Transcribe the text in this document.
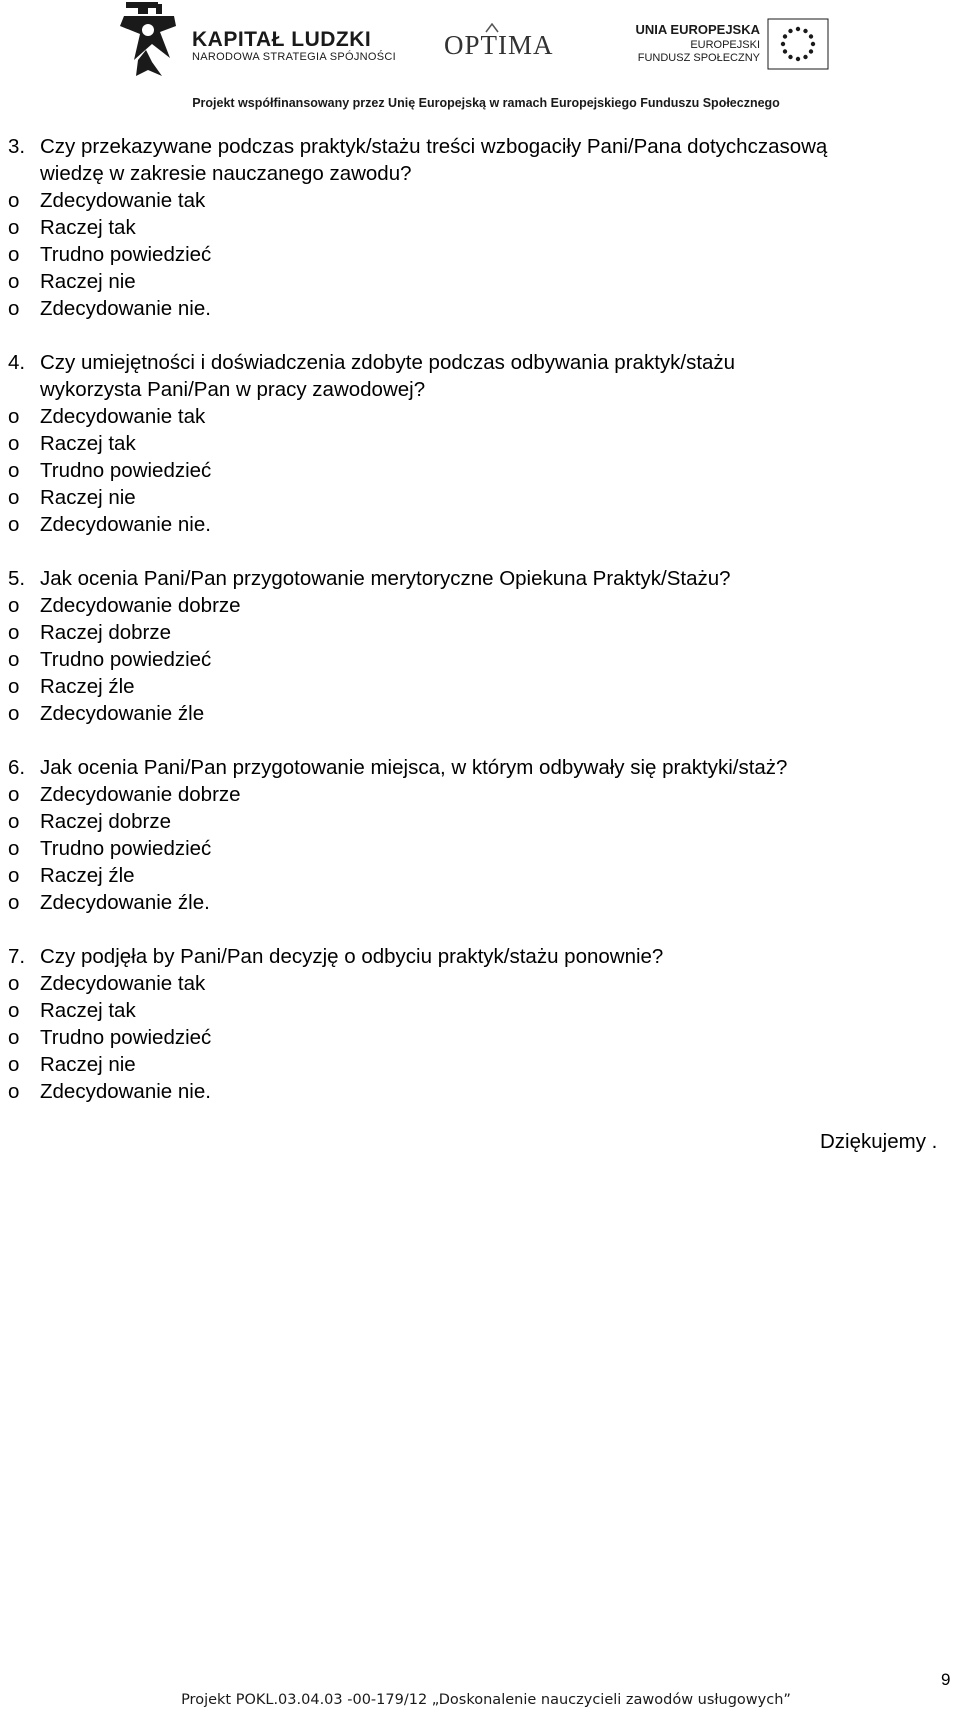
KAPITAŁ LUDZKI
NARODOWA STRATEGIA SPÓJNOŚCI OPTIMA
UNIA EUROPEJSKA
EUROPEJSKI
FUNDUSZ SPOŁECZNY
Projekt współfinansowany przez Unię Europejską w ramach Europejskiego Funduszu Społecznego
3. Czy przekazywane podczas praktyk/stażu treści wzbogaciły Pani/Pana dotychczasową
wiedzę w zakresie nauczanego zawodu?
o Zdecydowanie tak
o Raczej tak
o Trudno powiedzieć
o Raczej nie
o Zdecydowanie nie.
4. Czy umiejętności i doświadczenia zdobyte podczas odbywania praktyk/stażu
wykorzysta Pani/Pan w pracy zawodowej?
o Zdecydowanie tak
o Raczej tak
o Trudno powiedzieć
o Raczej nie
o Zdecydowanie nie.
5. Jak ocenia Pani/Pan przygotowanie merytoryczne Opiekuna Praktyk/Stażu?
o Zdecydowanie dobrze
o Raczej dobrze
o Trudno powiedzieć
o Raczej źle
o Zdecydowanie źle
6. Jak ocenia Pani/Pan przygotowanie miejsca, w którym odbywały się praktyki/staż?
o Zdecydowanie dobrze
o Raczej dobrze
o Trudno powiedzieć
o Raczej źle
o Zdecydowanie źle.
7. Czy podjęła by Pani/Pan decyzję o odbyciu praktyk/stażu ponownie?
o Zdecydowanie tak
o Raczej tak
o Trudno powiedzieć
o Raczej nie
o Zdecydowanie nie.
Dziękujemy .
9
Projekt POKL.03.04.03 -00-179/12 „Doskonalenie nauczycieli zawodów usługowych”
